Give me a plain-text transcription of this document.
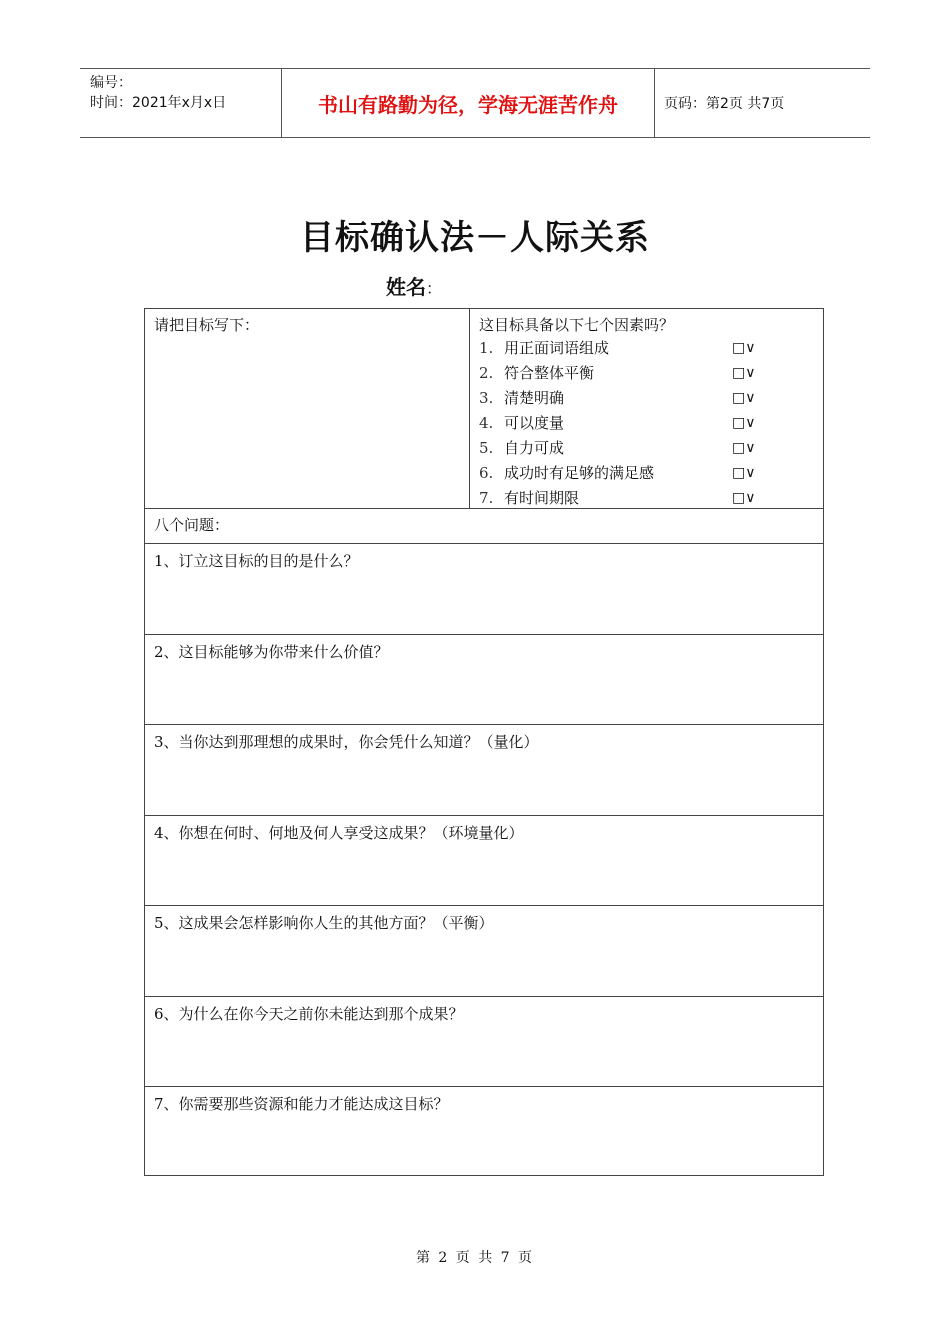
编号：
时间：2021年x月x日	书山有路勤为径，学海无涯苦作舟	页码：第2页 共7页
目标确认法－人际关系
姓名：
请把目标写下：	这目标具备以下七个因素吗？
1. 用正面词语组成	□∨
2. 符合整体平衡	□∨
3. 清楚明确	□∨
4. 可以度量	□∨
5. 自力可成	□∨
6. 成功时有足够的满足感	□∨
7. 有时间期限	□∨
八个问题：
1、订立这目标的目的是什么？
2、这目标能够为你带来什么价值？
3、当你达到那理想的成果时，你会凭什么知道？（量化）
4、你想在何时、何地及何人享受这成果？（环境量化）
5、这成果会怎样影响你人生的其他方面？（平衡）
6、为什么在你今天之前你未能达到那个成果？
7、你需要那些资源和能力才能达成这目标？
第 2 页 共 7 页
